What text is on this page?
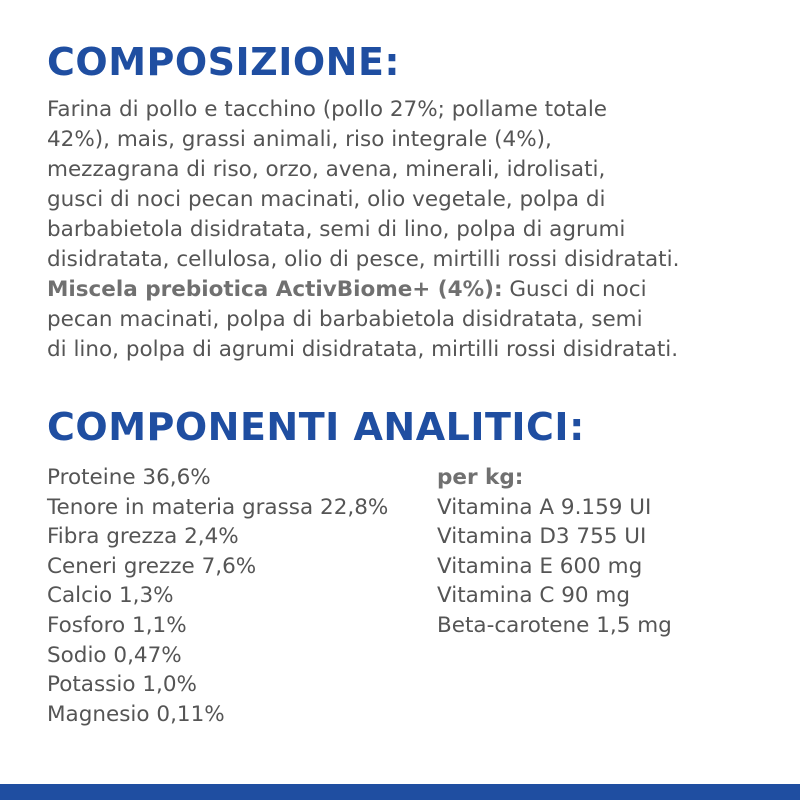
COMPOSIZIONE:
Farina di pollo e tacchino (pollo 27%; pollame totale
42%), mais, grassi animali, riso integrale (4%),
mezzagrana di riso, orzo, avena, minerali, idrolisati,
gusci di noci pecan macinati, olio vegetale, polpa di
barbabietola disidratata, semi di lino, polpa di agrumi
disidratata, cellulosa, olio di pesce, mirtilli rossi disidratati.
Miscela prebiotica ActivBiome+ (4%): Gusci di noci
pecan macinati, polpa di barbabietola disidratata, semi
di lino, polpa di agrumi disidratata, mirtilli rossi disidratati.
COMPONENTI ANALITICI:
Proteine 36,6%
Tenore in materia grassa 22,8%
Fibra grezza 2,4%
Ceneri grezze 7,6%
Calcio 1,3%
Fosforo 1,1%
Sodio 0,47%
Potassio 1,0%
Magnesio 0,11%
per kg:
Vitamina A 9.159 UI
Vitamina D3 755 UI
Vitamina E 600 mg
Vitamina C 90 mg
Beta-carotene 1,5 mg
